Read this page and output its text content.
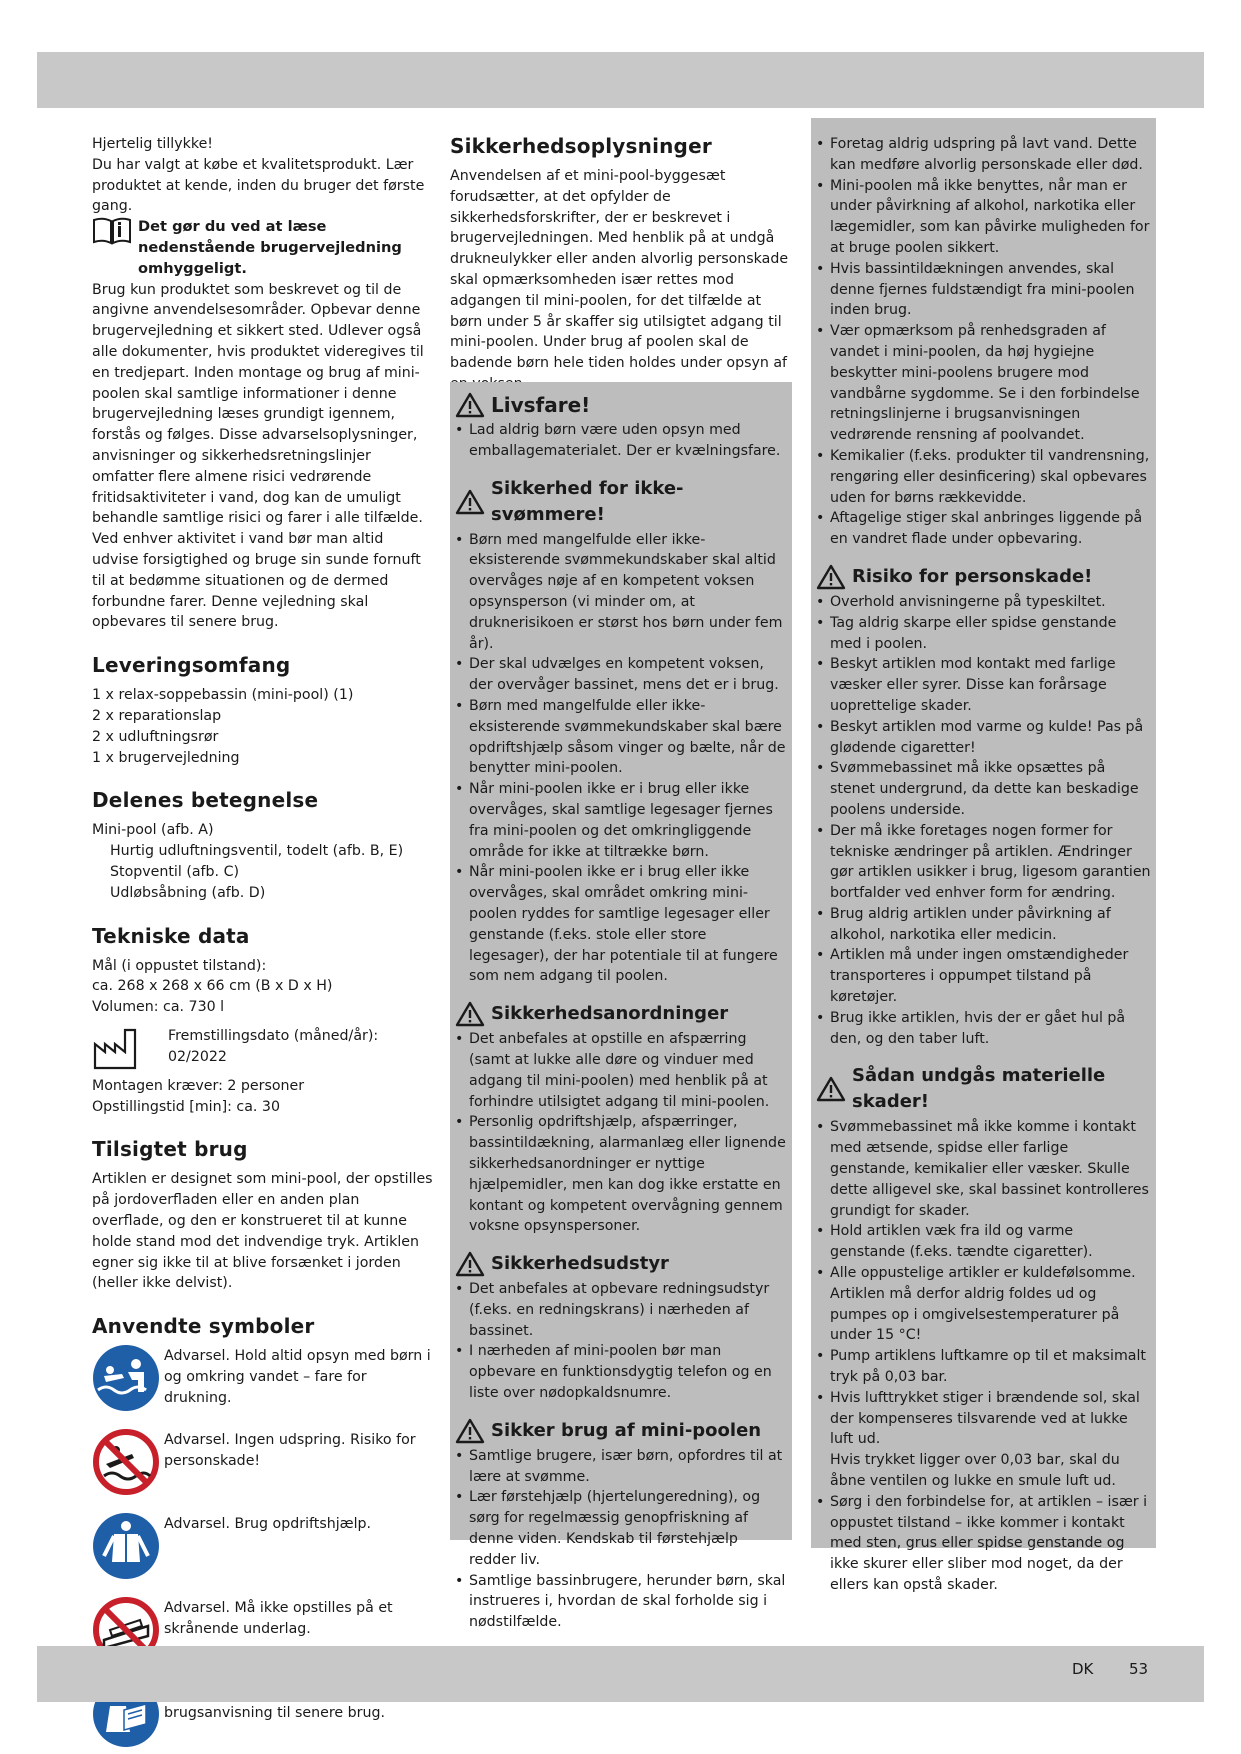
Hjertelig tillykke!

Du har valgt at købe et kvalitetsprodukt. Lær produktet at kende, inden du bruger det første gang.

Det gør du ved at læse nedenstående brugervejledning omhyggeligt.

Brug kun produktet som beskrevet og til de angivne anvendelsesområder. Opbevar denne brugervejledning et sikkert sted. Udlever også alle dokumenter, hvis produktet videregives til en tredjepart. Inden montage og brug af mini-poolen skal samtlige informationer i denne brugervejledning læses grundigt igennem, forstås og følges. Disse advarselsoplysninger, anvisninger og sikkerhedsretningslinjer omfatter flere almene risici vedrørende fritidsaktiviteter i vand, dog kan de umuligt behandle samtlige risici og farer i alle tilfælde. Ved enhver aktivitet i vand bør man altid udvise forsigtighed og bruge sin sunde fornuft til at bedømme situationen og de dermed forbundne farer. Denne vejledning skal opbevares til senere brug.

Leveringsomfang

1 x relax-soppebassin (mini-pool) (1)

2 x reparationslap

2 x udluftningsrør

1 x brugervejledning

Delenes betegnelse

Mini-pool (afb. A)

Hurtig udluftningsventil, todelt (afb. B, E)

Stopventil (afb. C)

Udløbsåbning (afb. D)

Tekniske data

Mål (i oppustet tilstand):

ca. 268 x 268 x 66 cm (B x D x H)

Volumen: ca. 730 l

Fremstillingsdato (måned/år):

02/2022

Montagen kræver: 2 personer

Opstillingstid [min]: ca. 30

Tilsigtet brug

Artiklen er designet som mini-pool, der opstilles på jordoverfladen eller en anden plan overflade, og den er konstrueret til at kunne holde stand mod det indvendige tryk. Artiklen egner sig ikke til at blive forsænket i jorden (heller ikke delvist).

Anvendte symboler

Advarsel. Hold altid opsyn med børn i og omkring vandet – fare for drukning.

Advarsel. Ingen udspring. Risiko for personskade!

Advarsel. Brug opdriftshjælp.

Advarsel. Må ikke opstilles på et skrånende underlag.

brugsanvisning til senere brug.

Sikkerhedsoplysninger

Anvendelsen af et mini-pool-byggesæt forudsætter, at det opfylder de sikkerhedsforskrifter, der er beskrevet i brugervejledningen. Med henblik på at undgå drukneulykker eller anden alvorlig personskade skal opmærksomheden især rettes mod adgangen til mini-poolen, for det tilfælde at børn under 5 år skaffer sig utilsigtet adgang til mini-poolen. Under brug af poolen skal de badende børn hele tiden holdes under opsyn af

Livsfare!
• Lad aldrig børn være uden opsyn med emballagematerialet. Der er kvælningsfare.
Sikkerhed for ikke-svømmere!
• Børn med mangelfulde eller ikke-eksisterende svømmekundskaber skal altid overvåges nøje af en kompetent voksen opsynsperson (vi minder om, at druknerisikoen er størst hos børn under fem år).
• Der skal udvælges en kompetent voksen, der overvåger bassinet, mens det er i brug.
• Børn med mangelfulde eller ikke-eksisterende svømmekundskaber skal bære opdriftshjælp såsom vinger og bælte, når de benytter mini-poolen.
• Når mini-poolen ikke er i brug eller ikke overvåges, skal samtlige legesager fjernes fra mini-poolen og det omkringliggende område for ikke at tiltrække børn.
• Når mini-poolen ikke er i brug eller ikke overvåges, skal området omkring mini-poolen ryddes for samtlige legesager eller genstande (f.eks. stole eller store legesager), der har potentiale til at fungere som nem adgang til poolen.
Sikkerhedsanordninger
• Det anbefales at opstille en afspærring (samt at lukke alle døre og vinduer med adgang til mini-poolen) med henblik på at forhindre utilsigtet adgang til mini-poolen.
• Personlig opdriftshjælp, afspærringer, bassintildækning, alarmanlæg eller lignende sikkerhedsanordninger er nyttige hjælpemidler, men kan dog ikke erstatte en kontant og kompetent overvågning gennem voksne opsynspersoner.
Sikkerhedsudstyr
• Det anbefales at opbevare redningsudstyr (f.eks. en redningskrans) i nærheden af bassinet.
• I nærheden af mini-poolen bør man opbevare en funktionsdygtig telefon og en liste over nødopkaldsnumre.
Sikker brug af mini-poolen
• Samtlige brugere, især børn, opfordres til at lære at svømme.
• Lær førstehjælp (hjertelungeredning), og sørg for regelmæssig genopfriskning af denne viden. Kendskab til førstehjælp redder liv.
• Samtlige bassinbrugere, herunder børn, skal instrueres i, hvordan de skal forholde sig i nødstilfælde.
• Foretag aldrig udspring på lavt vand. Dette kan medføre alvorlig personskade eller død.
• Mini-poolen må ikke benyttes, når man er under påvirkning af alkohol, narkotika eller lægemidler, som kan påvirke muligheden for at bruge poolen sikkert.
• Hvis bassintildækningen anvendes, skal denne fjernes fuldstændigt fra mini-poolen inden brug.
• Vær opmærksom på renhedsgraden af vandet i mini-poolen, da høj hygiejne beskytter mini-poolens brugere mod vandbårne sygdomme. Se i den forbindelse retningslinjerne i brugsanvisningen vedrørende rensning af poolvandet.
• Kemikalier (f.eks. produkter til vandrensning, rengøring eller desinficering) skal opbevares uden for børns rækkevidde.
• Aftagelige stiger skal anbringes liggende på en vandret flade under opbevaring.
Risiko for personskade!
• Overhold anvisningerne på typeskiltet.
• Tag aldrig skarpe eller spidse genstande med i poolen.
• Beskyt artiklen mod kontakt med farlige væsker eller syrer. Disse kan forårsage uoprettelige skader.
• Beskyt artiklen mod varme og kulde! Pas på glødende cigaretter!
• Svømmebassinet må ikke opsættes på stenet undergrund, da dette kan beskadige poolens underside.
• Der må ikke foretages nogen former for tekniske ændringer på artiklen. Ændringer gør artiklen usikker i brug, ligesom garantien bortfalder ved enhver form for ændring.
• Brug aldrig artiklen under påvirkning af alkohol, narkotika eller medicin.
• Artiklen må under ingen omstændigheder transporteres i oppumpet tilstand på køretøjer.
• Brug ikke artiklen, hvis der er gået hul på den, og den taber luft.
Sådan undgås materielle skader!
• Svømmebassinet må ikke komme i kontakt med ætsende, spidse eller farlige genstande, kemikalier eller væsker. Skulle dette alligevel ske, skal bassinet kontrolleres grundigt for skader.
• Hold artiklen væk fra ild og varme genstande (f.eks. tændte cigaretter).
• Alle oppustelige artikler er kuldefølsomme. Artiklen må derfor aldrig foldes ud og pumpes op i omgivelsestemperaturer på under 15 °C!
• Pump artiklens luftkamre op til et maksimalt tryk på 0,03 bar.
• Hvis lufttrykket stiger i brændende sol, skal der kompenseres tilsvarende ved at lukke luft ud.
Hvis trykket ligger over 0,03 bar, skal du åbne ventilen og lukke en smule luft ud.
• Sørg i den forbindelse for, at artiklen – især i oppustet tilstand – ikke kommer i kontakt med sten, grus eller spidse genstande og ikke skurer eller sliber mod noget, da der ellers kan opstå skader.
DK 53
